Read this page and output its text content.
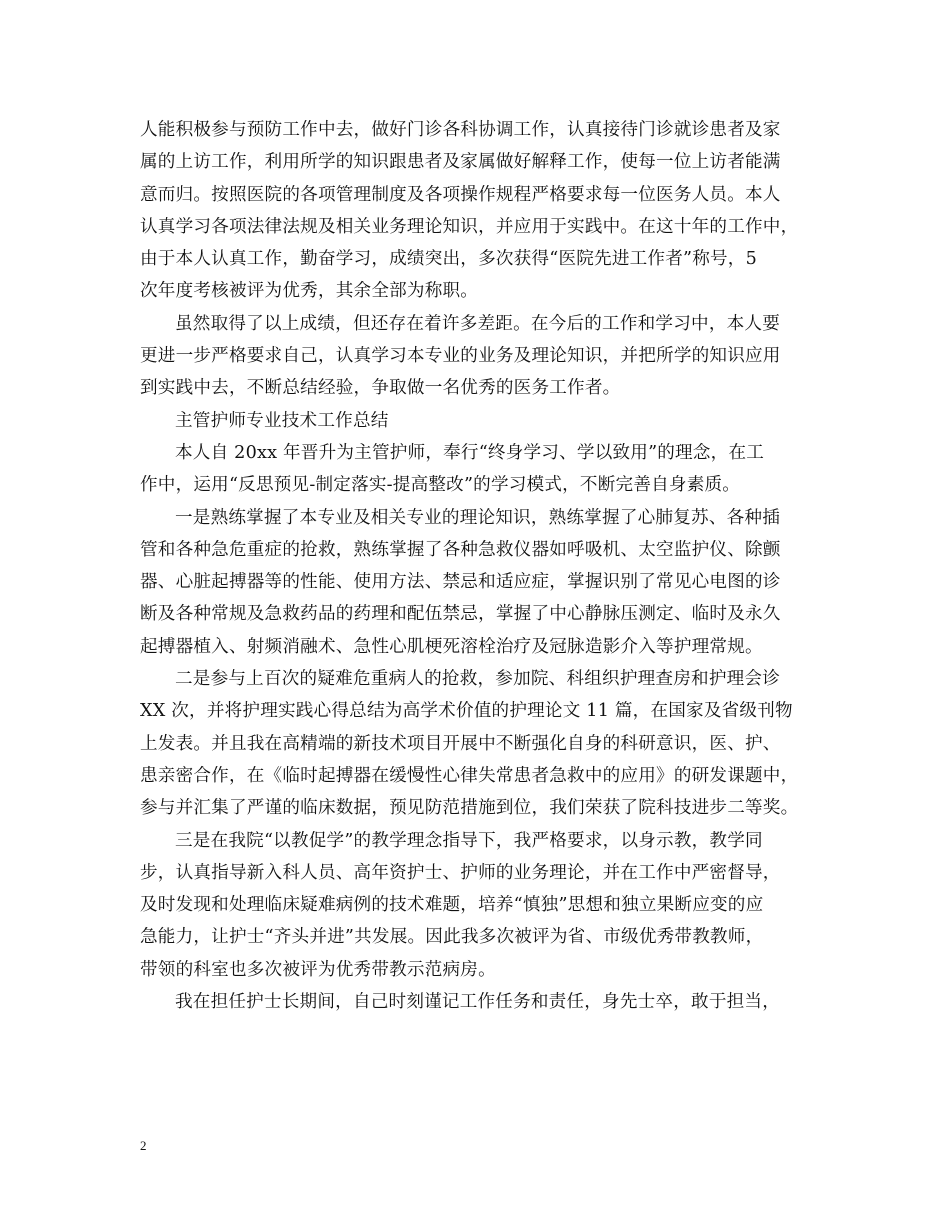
人能积极参与预防工作中去，做好门诊各科协调工作，认真接待门诊就诊患者及家
属的上访工作，利用所学的知识跟患者及家属做好解释工作，使每一位上访者能满
意而归。按照医院的各项管理制度及各项操作规程严格要求每一位医务人员。本人
认真学习各项法律法规及相关业务理论知识，并应用于实践中。在这十年的工作中，
由于本人认真工作，勤奋学习，成绩突出，多次获得“医院先进工作者”称号，5
次年度考核被评为优秀，其余全部为称职。
虽然取得了以上成绩，但还存在着许多差距。在今后的工作和学习中，本人要
更进一步严格要求自己，认真学习本专业的业务及理论知识，并把所学的知识应用
到实践中去，不断总结经验，争取做一名优秀的医务工作者。
主管护师专业技术工作总结
本人自 20xx 年晋升为主管护师，奉行“终身学习、学以致用”的理念，在工
作中，运用“反思预见-制定落实-提高整改”的学习模式，不断完善自身素质。
一是熟练掌握了本专业及相关专业的理论知识，熟练掌握了心肺复苏、各种插
管和各种急危重症的抢救，熟练掌握了各种急救仪器如呼吸机、太空监护仪、除颤
器、心脏起搏器等的性能、使用方法、禁忌和适应症，掌握识别了常见心电图的诊
断及各种常规及急救药品的药理和配伍禁忌，掌握了中心静脉压测定、临时及永久
起搏器植入、射频消融术、急性心肌梗死溶栓治疗及冠脉造影介入等护理常规。
二是参与上百次的疑难危重病人的抢救，参加院、科组织护理查房和护理会诊
XX 次，并将护理实践心得总结为高学术价值的护理论文 11 篇，在国家及省级刊物
上发表。并且我在高精端的新技术项目开展中不断强化自身的科研意识，医、护、
患亲密合作，在《临时起搏器在缓慢性心律失常患者急救中的应用》的研发课题中，
参与并汇集了严谨的临床数据，预见防范措施到位，我们荣获了院科技进步二等奖。
三是在我院“以教促学”的教学理念指导下，我严格要求，以身示教，教学同
步，认真指导新入科人员、高年资护士、护师的业务理论，并在工作中严密督导，
及时发现和处理临床疑难病例的技术难题，培养“慎独”思想和独立果断应变的应
急能力，让护士“齐头并进”共发展。因此我多次被评为省、市级优秀带教教师，
带领的科室也多次被评为优秀带教示范病房。
我在担任护士长期间，自己时刻谨记工作任务和责任，身先士卒，敢于担当，
2
